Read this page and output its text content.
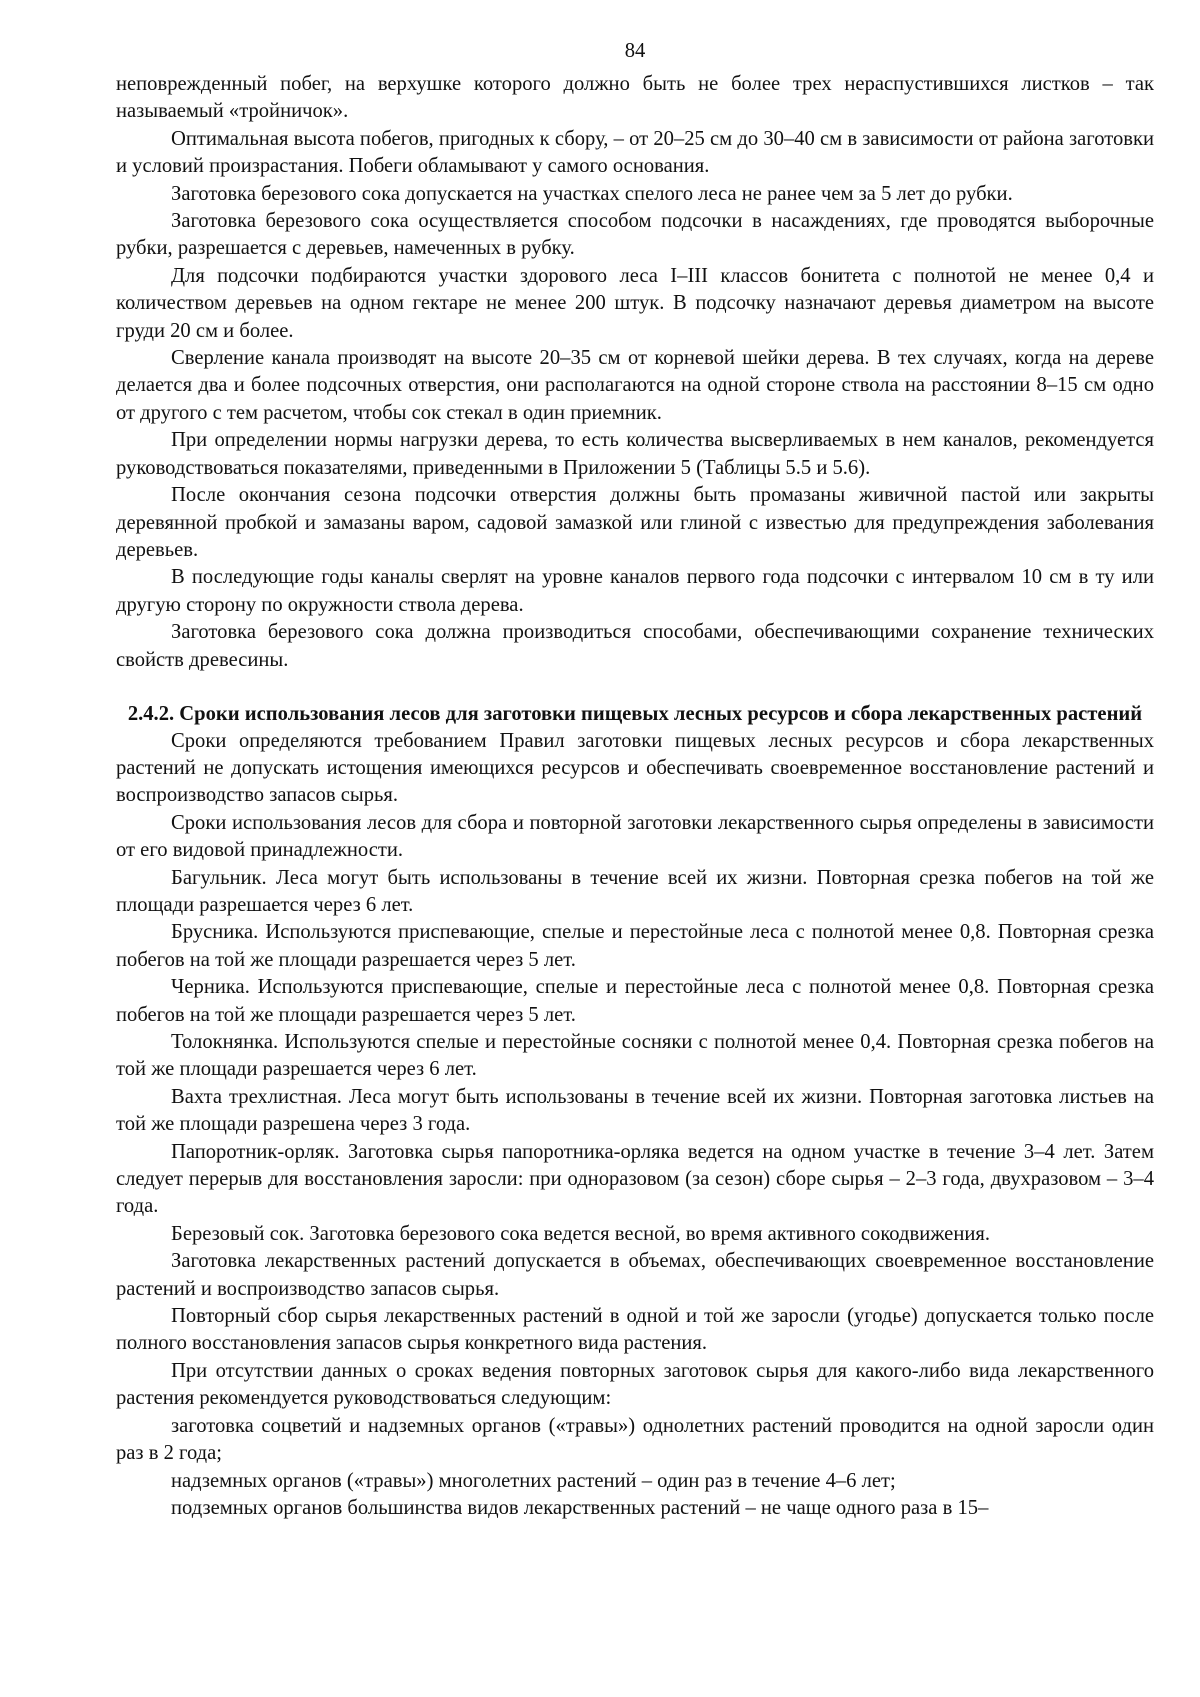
84

неповрежденный побег, на верхушке которого должно быть не более трех нераспустившихся листков – так называемый «тройничок».

Оптимальная высота побегов, пригодных к сбору, – от 20–25 см до 30–40 см в зависимости от района заготовки и условий произрастания. Побеги обламывают у самого основания.

Заготовка березового сока допускается на участках спелого леса не ранее чем за 5 лет до рубки.

Заготовка березового сока осуществляется способом подсочки в насаждениях, где проводятся выборочные рубки, разрешается с деревьев, намеченных в рубку.

Для подсочки подбираются участки здорового леса I–III классов бонитета с полнотой не менее 0,4 и количеством деревьев на одном гектаре не менее 200 штук. В подсочку назначают деревья диаметром на высоте груди 20 см и более.

Сверление канала производят на высоте 20–35 см от корневой шейки дерева. В тех случаях, когда на дереве делается два и более подсочных отверстия, они располагаются на одной стороне ствола на расстоянии 8–15 см одно от другого с тем расчетом, чтобы сок стекал в один приемник.

При определении нормы нагрузки дерева, то есть количества высверливаемых в нем каналов, рекомендуется руководствоваться показателями, приведенными в Приложении 5 (Таблицы 5.5 и 5.6).

После окончания сезона подсочки отверстия должны быть промазаны живичной пастой или закрыты деревянной пробкой и замазаны варом, садовой замазкой или глиной с известью для предупреждения заболевания деревьев.

В последующие годы каналы сверлят на уровне каналов первого года подсочки с интервалом 10 см в ту или другую сторону по окружности ствола дерева.

Заготовка березового сока должна производиться способами, обеспечивающими сохранение технических свойств древесины.

2.4.2. Сроки использования лесов для заготовки пищевых лесных ресурсов и сбора лекарственных растений

Сроки определяются требованием Правил заготовки пищевых лесных ресурсов и сбора лекарственных растений не допускать истощения имеющихся ресурсов и обеспечивать своевременное восстановление растений и воспроизводство запасов сырья.

Сроки использования лесов для сбора и повторной заготовки лекарственного сырья определены в зависимости от его видовой принадлежности.

Багульник. Леса могут быть использованы в течение всей их жизни. Повторная срезка побегов на той же площади разрешается через 6 лет.

Брусника. Используются приспевающие, спелые и перестойные леса с полнотой менее 0,8. Повторная срезка побегов на той же площади разрешается через 5 лет.

Черника. Используются приспевающие, спелые и перестойные леса с полнотой менее 0,8. Повторная срезка побегов на той же площади разрешается через 5 лет.

Толокнянка. Используются спелые и перестойные сосняки с полнотой менее 0,4. Повторная срезка побегов на той же площади разрешается через 6 лет.

Вахта трехлистная. Леса могут быть использованы в течение всей их жизни. Повторная заготовка листьев на той же площади разрешена через 3 года.

Папоротник-орляк. Заготовка сырья папоротника-орляка ведется на одном участке в течение 3–4 лет. Затем следует перерыв для восстановления заросли: при одноразовом (за сезон) сборе сырья – 2–3 года, двухразовом – 3–4 года.

Березовый сок. Заготовка березового сока ведется весной, во время активного сокодвижения.

Заготовка лекарственных растений допускается в объемах, обеспечивающих своевременное восстановление растений и воспроизводство запасов сырья.

Повторный сбор сырья лекарственных растений в одной и той же заросли (угодье) допускается только после полного восстановления запасов сырья конкретного вида растения.

При отсутствии данных о сроках ведения повторных заготовок сырья для какого-либо вида лекарственного растения рекомендуется руководствоваться следующим:

заготовка соцветий и надземных органов («травы») однолетних растений проводится на одной заросли один раз в 2 года;

надземных органов («травы») многолетних растений – один раз в течение 4–6 лет;

подземных органов большинства видов лекарственных растений – не чаще одного раза в 15–
